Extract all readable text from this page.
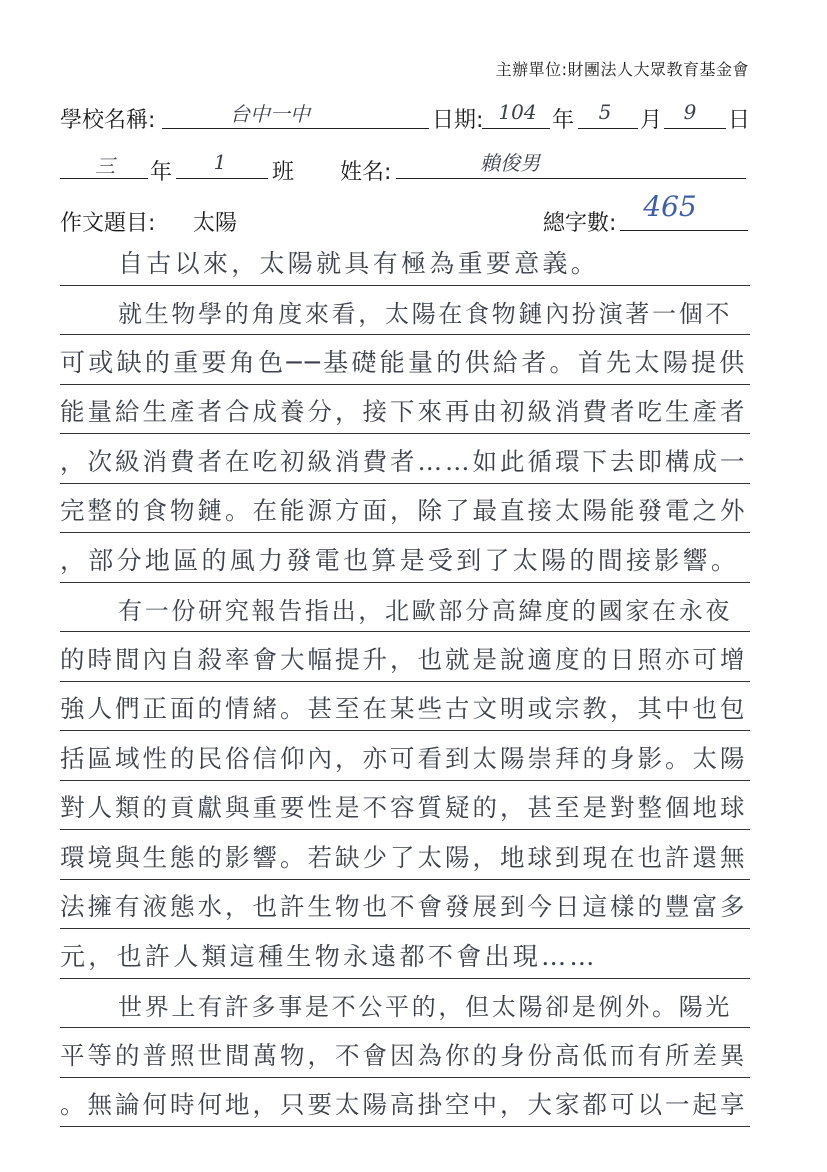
主辦單位:財團法人大眾教育基金會
學校名稱:	台中一中	日期: 104 年	5	月	9	日
三	年	1	班 姓名:	賴俊男
作文題目: 太陽	總字數:
465
自古以來，太陽就具有極為重要意義。
就生物學的角度來看，太陽在食物鏈內扮演著一個不
可或缺的重要角色──基礎能量的供給者。首先太陽提供
能量給生產者合成養分，接下來再由初級消費者吃生產者
，次級消費者在吃初級消費者……如此循環下去即構成一
完整的食物鏈。在能源方面，除了最直接太陽能發電之外
，部分地區的風力發電也算是受到了太陽的間接影響。
有一份研究報告指出，北歐部分高緯度的國家在永夜
的時間內自殺率會大幅提升，也就是說適度的日照亦可增
強人們正面的情緒。甚至在某些古文明或宗教，其中也包
括區域性的民俗信仰內，亦可看到太陽崇拜的身影。太陽
對人類的貢獻與重要性是不容質疑的，甚至是對整個地球
環境與生態的影響。若缺少了太陽，地球到現在也許還無
法擁有液態水，也許生物也不會發展到今日這樣的豐富多
元，也許人類這種生物永遠都不會出現……
世界上有許多事是不公平的，但太陽卻是例外。陽光
平等的普照世間萬物，不會因為你的身份高低而有所差異
。無論何時何地，只要太陽高掛空中，大家都可以一起享
